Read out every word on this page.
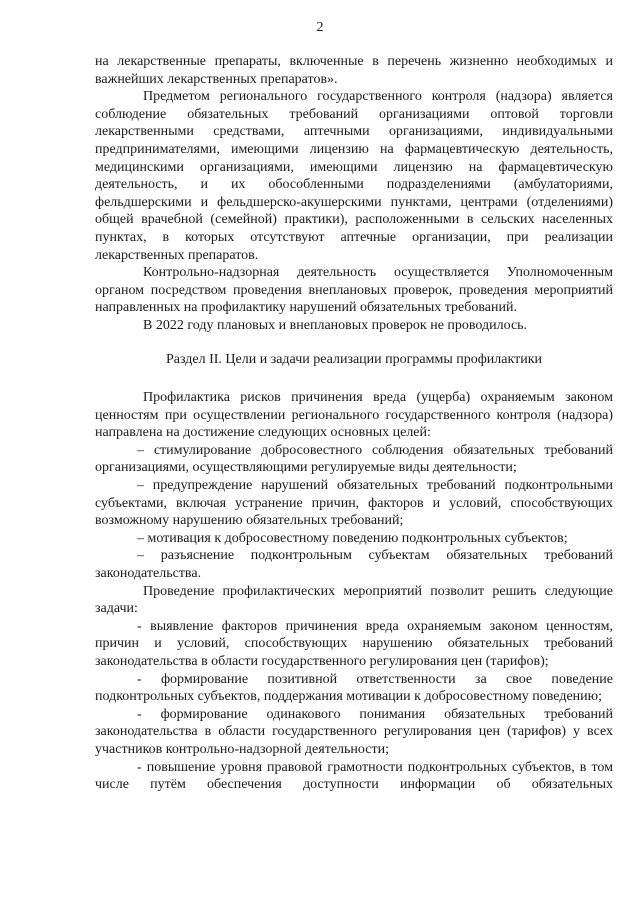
2

на лекарственные препараты, включенные в перечень жизненно необходимых и важнейших лекарственных препаратов».

Предметом регионального государственного контроля (надзора) является соблюдение обязательных требований организациями оптовой торговли лекарственными средствами, аптечными организациями, индивидуальными предпринимателями, имеющими лицензию на фармацевтическую деятельность, медицинскими организациями, имеющими лицензию на фармацевтическую деятельность, и их обособленными подразделениями (амбулаториями, фельдшерскими и фельдшерско-акушерскими пунктами, центрами (отделениями) общей врачебной (семейной) практики), расположенными в сельских населенных пунктах, в которых отсутствуют аптечные организации, при реализации лекарственных препаратов.

Контрольно-надзорная деятельность осуществляется Уполномоченным органом посредством проведения внеплановых проверок, проведения мероприятий направленных на профилактику нарушений обязательных требований.

В 2022 году плановых и внеплановых проверок не проводилось.

Раздел II. Цели и задачи реализации программы профилактики

Профилактика рисков причинения вреда (ущерба) охраняемым законом ценностям при осуществлении регионального государственного контроля (надзора) направлена на достижение следующих основных целей:

– стимулирование добросовестного соблюдения обязательных требований организациями, осуществляющими регулируемые виды деятельности;

– предупреждение нарушений обязательных требований подконтрольными субъектами, включая устранение причин, факторов и условий, способствующих возможному нарушению обязательных требований;

– мотивация к добросовестному поведению подконтрольных субъектов;

– разъяснение подконтрольным субъектам обязательных требований законодательства.

Проведение профилактических мероприятий позволит решить следующие задачи:

- выявление факторов причинения вреда охраняемым законом ценностям, причин и условий, способствующих нарушению обязательных требований законодательства в области государственного регулирования цен (тарифов);

- формирование позитивной ответственности за свое поведение подконтрольных субъектов, поддержания мотивации к добросовестному поведению;

- формирование одинакового понимания обязательных требований законодательства в области государственного регулирования цен (тарифов) у всех участников контрольно-надзорной деятельности;

- повышение уровня правовой грамотности подконтрольных субъектов, в том числе путём обеспечения доступности информации об обязательных
